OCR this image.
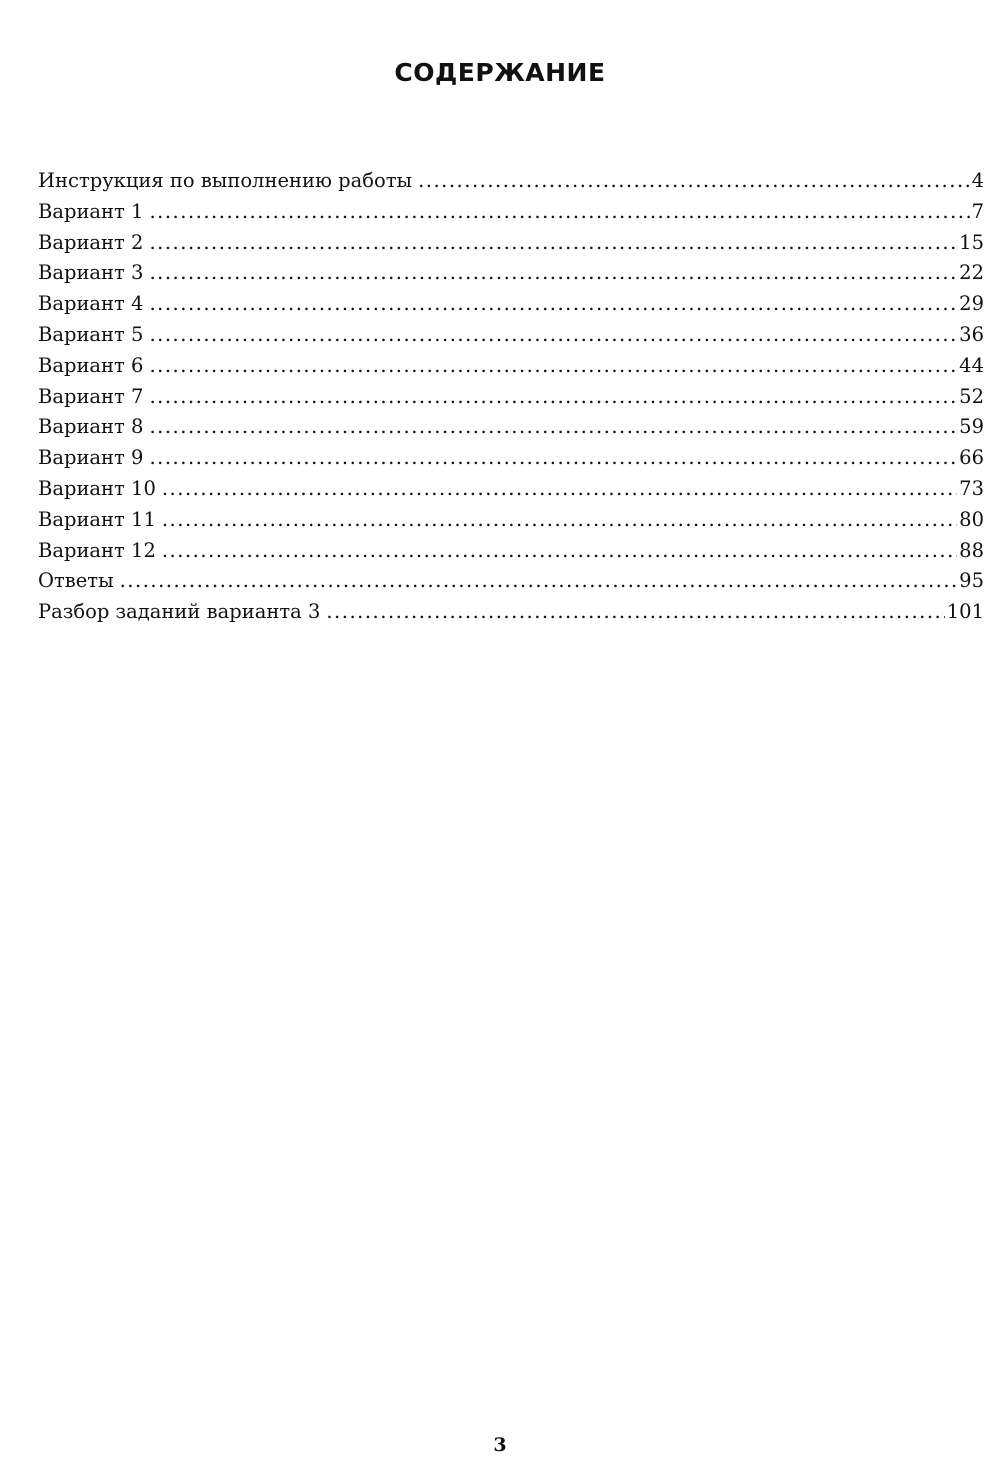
СОДЕРЖАНИЕ
Инструкция по выполнению работы .....	4
Вариант 1 .....	7
Вариант 2 .....	15
Вариант 3 .....	22
Вариант 4 .....	29
Вариант 5 .....	36
Вариант 6 .....	44
Вариант 7 .....	52
Вариант 8 .....	59
Вариант 9 .....	66
Вариант 10 .....	73
Вариант 11 .....	80
Вариант 12 .....	88
Ответы .....	95
Разбор заданий варианта 3 .....	101
3
